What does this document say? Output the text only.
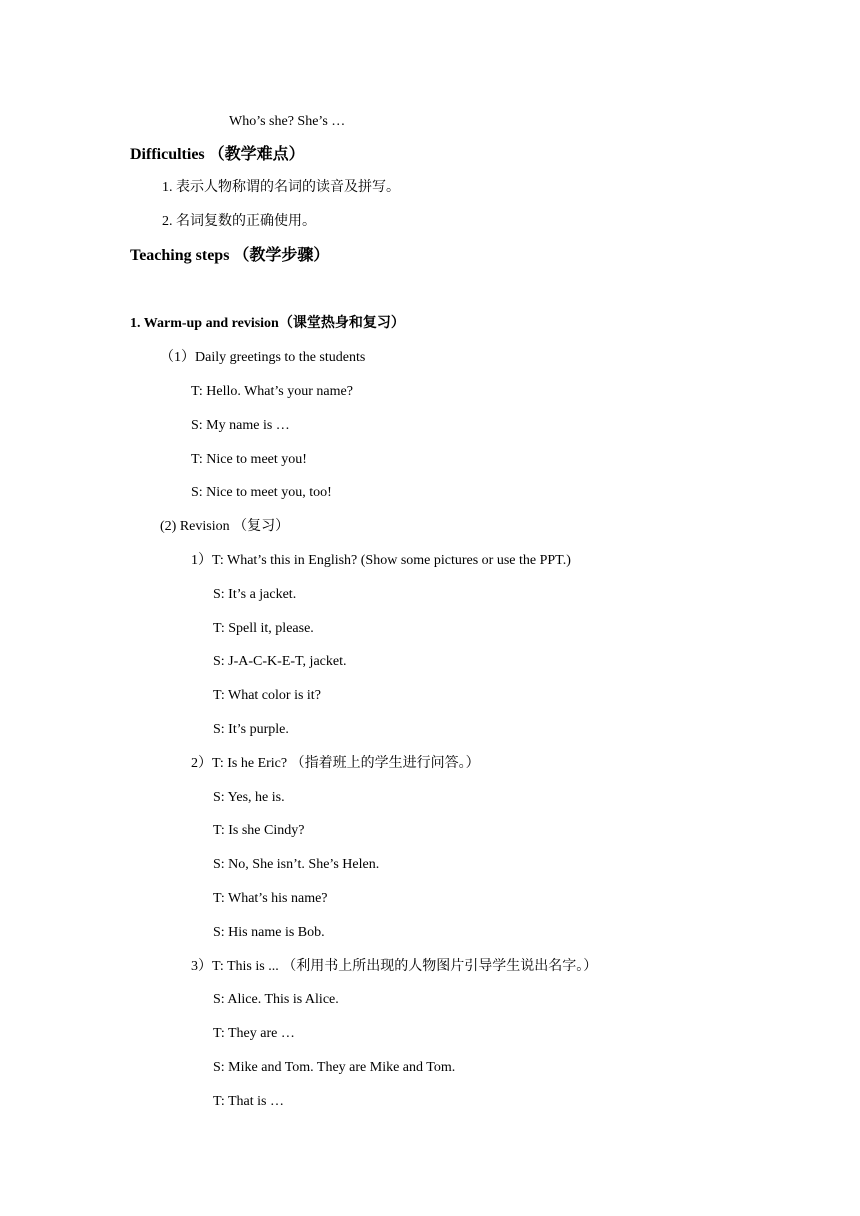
Who’s she? She’s …
Difficulties （教学难点）
1. 表示人物称谓的名词的读音及拼写。
2. 名词复数的正确使用。
Teaching steps （教学步骤）
1. Warm-up and revision（课堂热身和复习）
（1）Daily greetings to the students
T: Hello. What’s your name?
S: My name is …
T: Nice to meet you!
S: Nice to meet you, too!
(2) Revision （复习）
1）T: What’s this in English? (Show some pictures or use the PPT.)
S: It’s a jacket.
T: Spell it, please.
S: J-A-C-K-E-T, jacket.
T: What color is it?
S: It’s purple.
2）T: Is he Eric? （指着班上的学生进行问答。）
S: Yes, he is.
T: Is she Cindy?
S: No, She isn’t. She’s Helen.
T: What’s his name?
S: His name is Bob.
3）T: This is ... （利用书上所出现的人物图片引导学生说出名字。）
S: Alice. This is Alice.
T: They are …
S: Mike and Tom. They are Mike and Tom.
T: That is …
